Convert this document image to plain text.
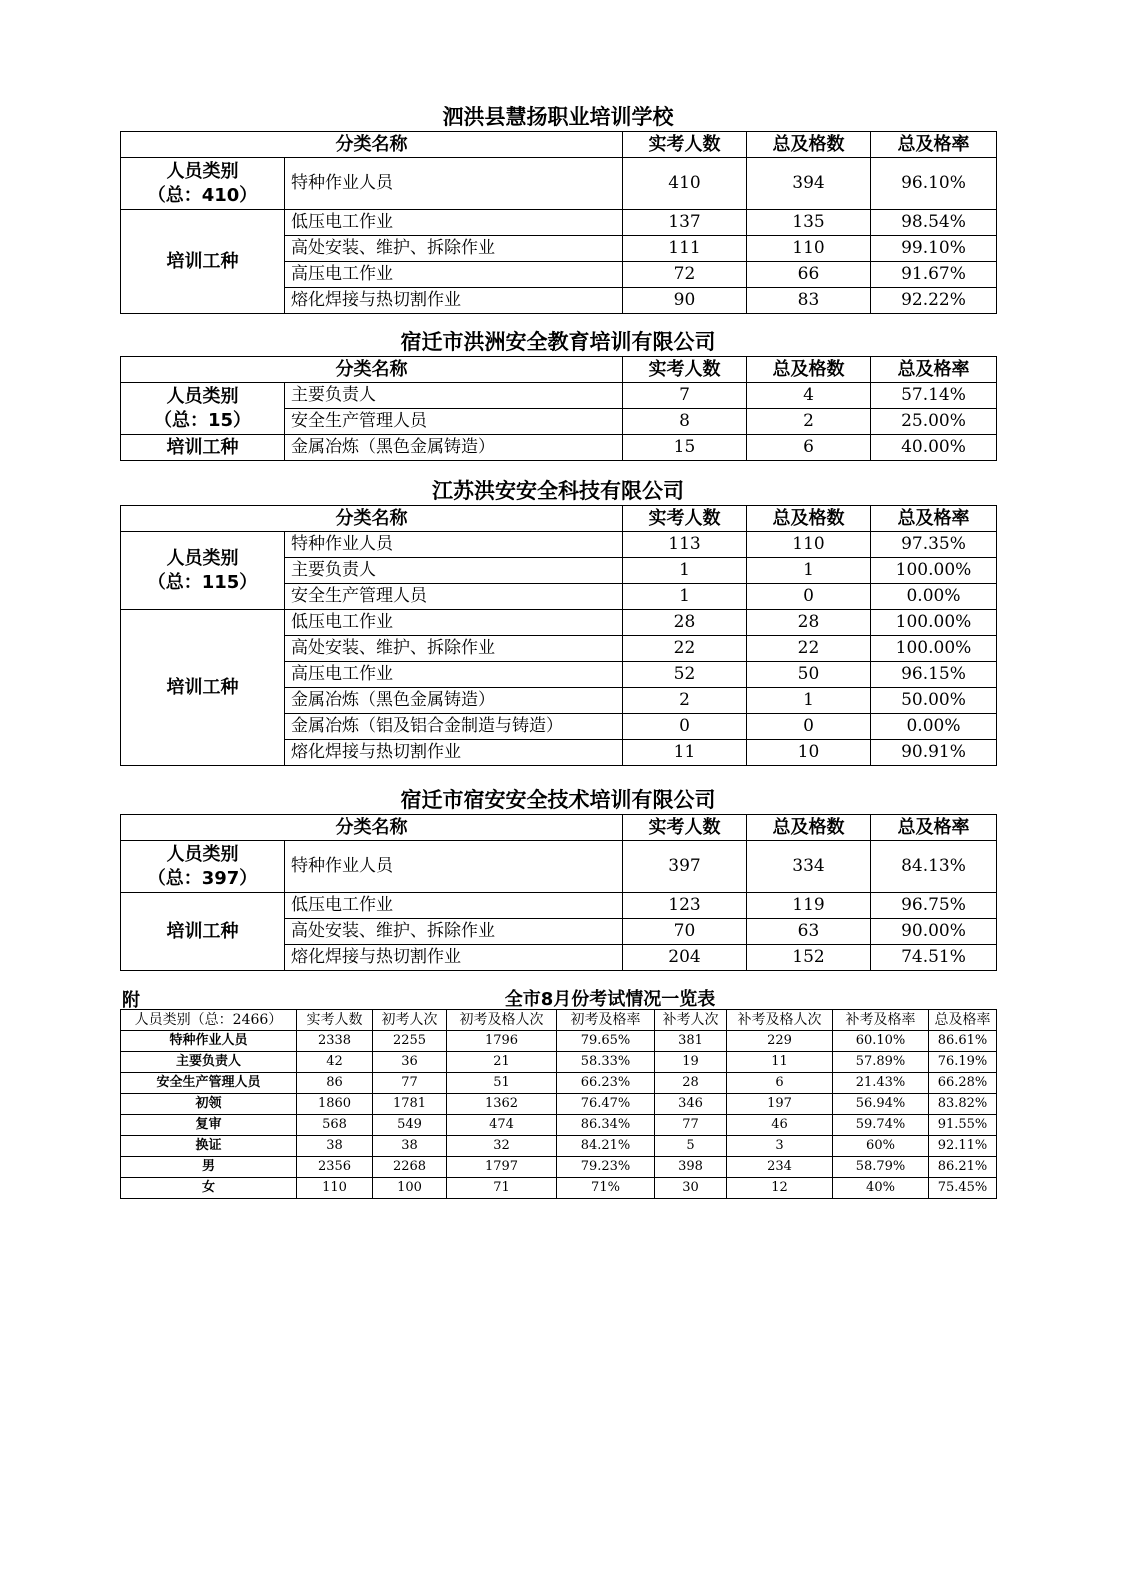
泗洪县慧扬职业培训学校
分类名称		实考人数	总及格数	总及格率
人员类别
（总：410）	特种作业人员	410	394	96.10%
培训工种	低压电工作业	137	135	98.54%
	高处安装、维护、拆除作业	111	110	99.10%
	高压电工作业	72	66	91.67%
	熔化焊接与热切割作业	90	83	92.22%
宿迁市洪洲安全教育培训有限公司
分类名称		实考人数	总及格数	总及格率
人员类别
（总：15）	主要负责人	7	4	57.14%
	安全生产管理人员	8	2	25.00%
培训工种	金属冶炼（黑色金属铸造）	15	6	40.00%
江苏洪安安全科技有限公司
分类名称		实考人数	总及格数	总及格率
人员类别
（总：115）	特种作业人员	113	110	97.35%
	主要负责人	1	1	100.00%
	安全生产管理人员	1	0	0.00%
培训工种	低压电工作业	28	28	100.00%
	高处安装、维护、拆除作业	22	22	100.00%
	高压电工作业	52	50	96.15%
	金属冶炼（黑色金属铸造）	2	1	50.00%
	金属冶炼（铝及铝合金制造与铸造）	0	0	0.00%
	熔化焊接与热切割作业	11	10	90.91%
宿迁市宿安安全技术培训有限公司
分类名称		实考人数	总及格数	总及格率
人员类别
（总：397）	特种作业人员	397	334	84.13%
培训工种	低压电工作业	123	119	96.75%
	高处安装、维护、拆除作业	70	63	90.00%
	熔化焊接与热切割作业	204	152	74.51%
附	全市8月份考试情况一览表
人员类别（总：2466）	实考人数	初考人次	初考及格人次	初考及格率	补考人次	补考及格人次	补考及格率	总及格率
特种作业人员	2338	2255	1796	79.65%	381	229	60.10%	86.61%
主要负责人	42	36	21	58.33%	19	11	57.89%	76.19%
安全生产管理人员	86	77	51	66.23%	28	6	21.43%	66.28%
初领	1860	1781	1362	76.47%	346	197	56.94%	83.82%
复审	568	549	474	86.34%	77	46	59.74%	91.55%
换证	38	38	32	84.21%	5	3	60%	92.11%
男	2356	2268	1797	79.23%	398	234	58.79%	86.21%
女	110	100	71	71%	30	12	40%	75.45%
